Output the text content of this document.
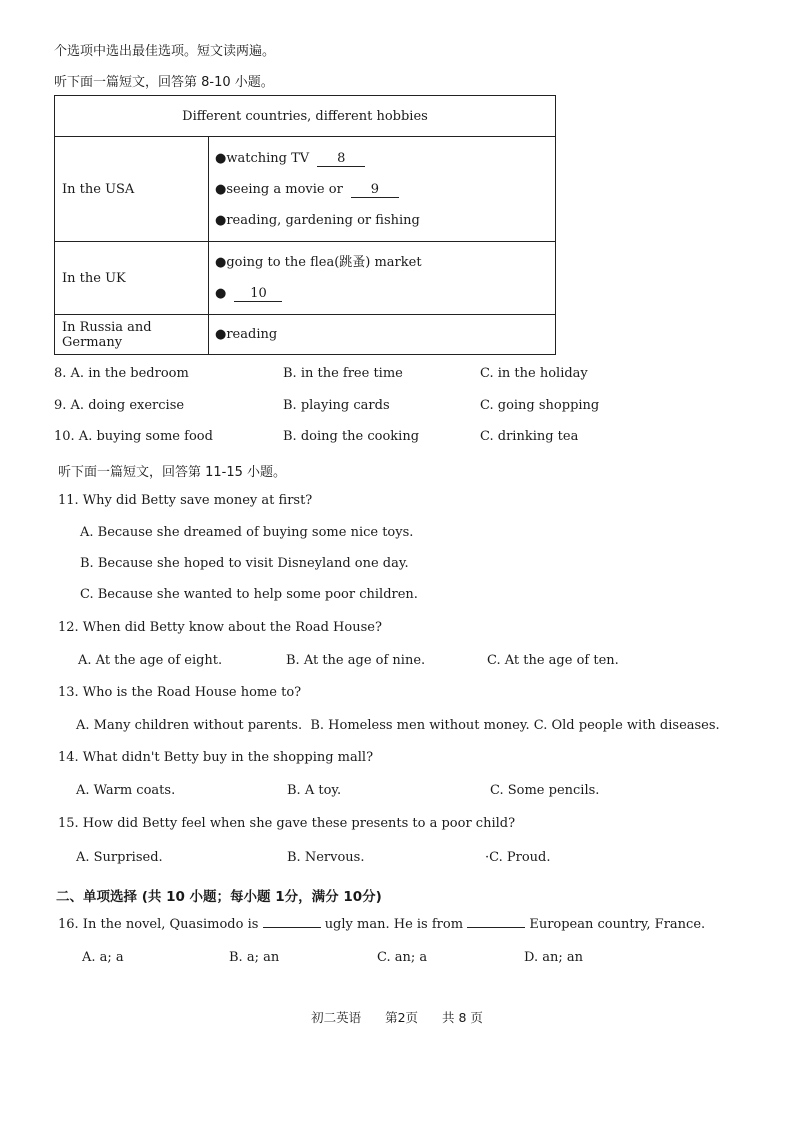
个选项中选出最佳选项。短文读两遍。
听下面一篇短文，回答第 8-10 小题。
Different countries, different hobbies	
In the USA	●watching TV 8
●seeing a movie or 9
●reading, gardening or fishing

In the UK	●going to the flea(跳蚤) market
● 10

In Russia and Germany	●reading
8. A. in the bedroom	B. in the free time	C. in the holiday
9. A. doing exercise	B. playing cards	C. going shopping
10. A. buying some food	B. doing the cooking	C. drinking tea
听下面一篇短文，回答第 11-15 小题。
11. Why did Betty save money at first?
A. Because she dreamed of buying some nice toys.
B. Because she hoped to visit Disneyland one day.
C. Because she wanted to help some poor children.
12. When did Betty know about the Road House?
A. At the age of eight.	B. At the age of nine.	C. At the age of ten.
13. Who is the Road House home to?
A. Many children without parents.  B. Homeless men without money. C. Old people with diseases.
14. What didn't Betty buy in the shopping mall?
A. Warm coats.	B. A toy.	C. Some pencils.
15. How did Betty feel when she gave these presents to a poor child?
A. Surprised.	B. Nervous.	·C. Proud.
二、单项选择 (共 10 小题；每小题 1分，满分 10分)
16. In the novel, Quasimodo is	ugly man. He is from	European country, France.
A. a; a	B. a; an	C. an; a	D. an; an
初二英语 第2页 共 8 页
